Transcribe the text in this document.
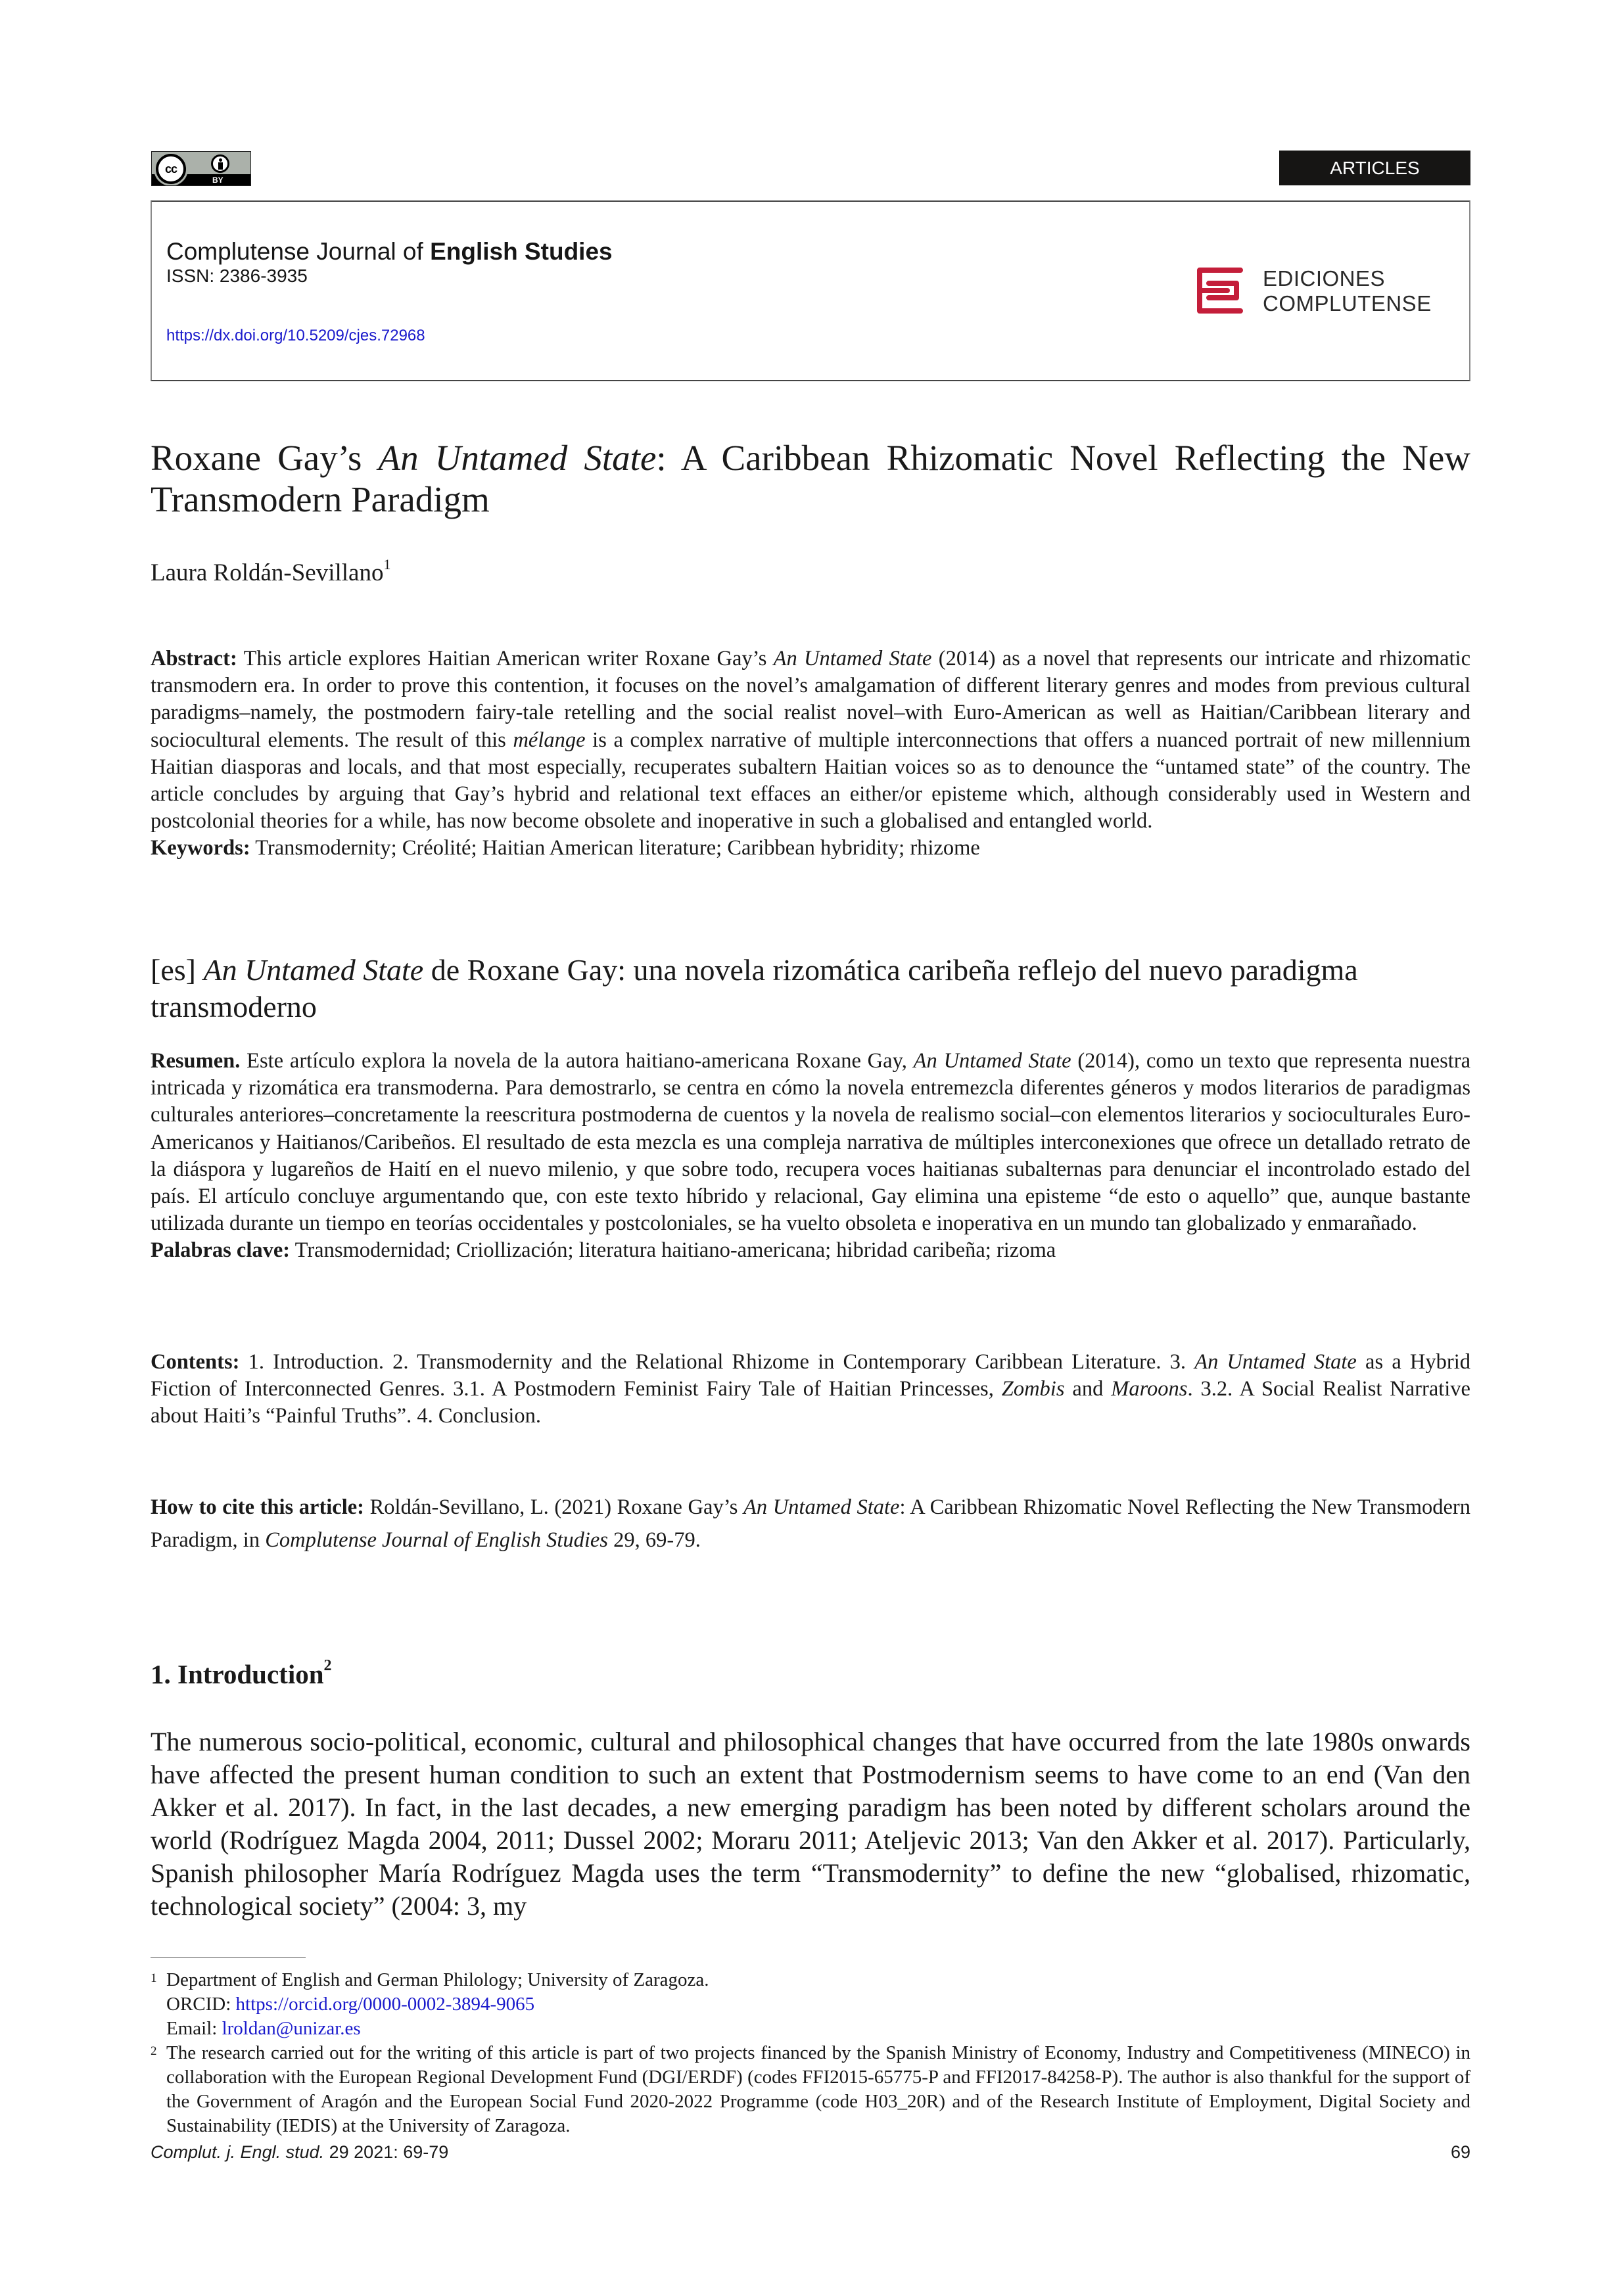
cc
BY
ARTICLES
Complutense Journal of English Studies
ISSN: 2386-3935
https://dx.doi.org/10.5209/cjes.72968
EDICIONES
COMPLUTENSE
Roxane Gay’s An Untamed State: A Caribbean Rhizomatic Novel Reflecting the New Transmodern Paradigm
Laura Roldán-Sevillano$^1$
Abstract: This article explores Haitian American writer Roxane Gay’s An Untamed State (2014) as a novel that represents our intricate and rhizomatic transmodern era. In order to prove this contention, it focuses on the novel’s amalgamation of different literary genres and modes from previous cultural paradigms–namely, the postmodern fairy-tale retelling and the social realist novel–with Euro-American as well as Haitian/Caribbean literary and sociocultural elements. The result of this mélange is a complex narrative of multiple interconnections that offers a nuanced portrait of new millennium Haitian diasporas and locals, and that most especially, recuperates subaltern Haitian voices so as to denounce the “untamed state” of the country. The article concludes by arguing that Gay’s hybrid and relational text effaces an either/or episteme which, although considerably used in Western and postcolonial theories for a while, has now become obsolete and inoperative in such a globalised and entangled world.
Keywords: Transmodernity; Créolité; Haitian American literature; Caribbean hybridity; rhizome
[es] An Untamed State de Roxane Gay: una novela rizomática caribeña reflejo del nuevo paradigma transmoderno
Resumen. Este artículo explora la novela de la autora haitiano-americana Roxane Gay, An Untamed State (2014), como un texto que representa nuestra intricada y rizomática era transmoderna. Para demostrarlo, se centra en cómo la novela entremezcla diferentes géneros y modos literarios de paradigmas culturales anteriores–concretamente la reescritura postmoderna de cuentos y la novela de realismo social–con elementos literarios y socioculturales Euro-Americanos y Haitianos/Caribeños. El resultado de esta mezcla es una compleja narrativa de múltiples interconexiones que ofrece un detallado retrato de la diáspora y lugareños de Haití en el nuevo milenio, y que sobre todo, recupera voces haitianas subalternas para denunciar el incontrolado estado del país. El artículo concluye argumentando que, con este texto híbrido y relacional, Gay elimina una episteme “de esto o aquello” que, aunque bastante utilizada durante un tiempo en teorías occidentales y postcoloniales, se ha vuelto obsoleta e inoperativa en un mundo tan globalizado y enmarañado.
Palabras clave: Transmodernidad; Criollización; literatura haitiano-americana; hibridad caribeña; rizoma
Contents: 1. Introduction. 2. Transmodernity and the Relational Rhizome in Contemporary Caribbean Literature. 3. An Untamed State as a Hybrid Fiction of Interconnected Genres. 3.1. A Postmodern Feminist Fairy Tale of Haitian Princesses, Zombis and Maroons. 3.2. A Social Realist Narrative about Haiti’s “Painful Truths”. 4. Conclusion.
How to cite this article: Roldán-Sevillano, L. (2021) Roxane Gay’s An Untamed State: A Caribbean Rhizomatic Novel Reflecting the New Transmodern Paradigm, in Complutense Journal of English Studies 29, 69-79.
1. Introduction$^2$

The numerous socio-political, economic, cultural and philosophical changes that have occurred from the late 1980s onwards have affected the present human condition to such an extent that Postmodernism seems to have come to an end (Van den Akker et al. 2017). In fact, in the last decades, a new emerging paradigm has been noted by different scholars around the world (Rodríguez Magda 2004, 2011; Dussel 2002; Moraru 2011; Ateljevic 2013; Van den Akker et al. 2017). Particularly, Spanish philosopher María Rodríguez Magda uses the term “Transmodernity” to define the new “globalised, rhizomatic, technological society” (2004: 3, my

1 Department of English and German Philology; University of Zaragoza.
ORCID: https://orcid.org/0000-0002-3894-9065
Email: lroldan@unizar.es
2 The research carried out for the writing of this article is part of two projects financed by the Spanish Ministry of Economy, Industry and Competitiveness (MINECO) in collaboration with the European Regional Development Fund (DGI/ERDF) (codes FFI2015-65775-P and FFI2017-84258-P). The author is also thankful for the support of the Government of Aragón and the European Social Fund 2020-2022 Programme (code H03_20R) and of the Research Institute of Employment, Digital Society and Sustainability (IEDIS) at the University of Zaragoza.
Complut. j. Engl. stud. 29 2021: 69-79	69
